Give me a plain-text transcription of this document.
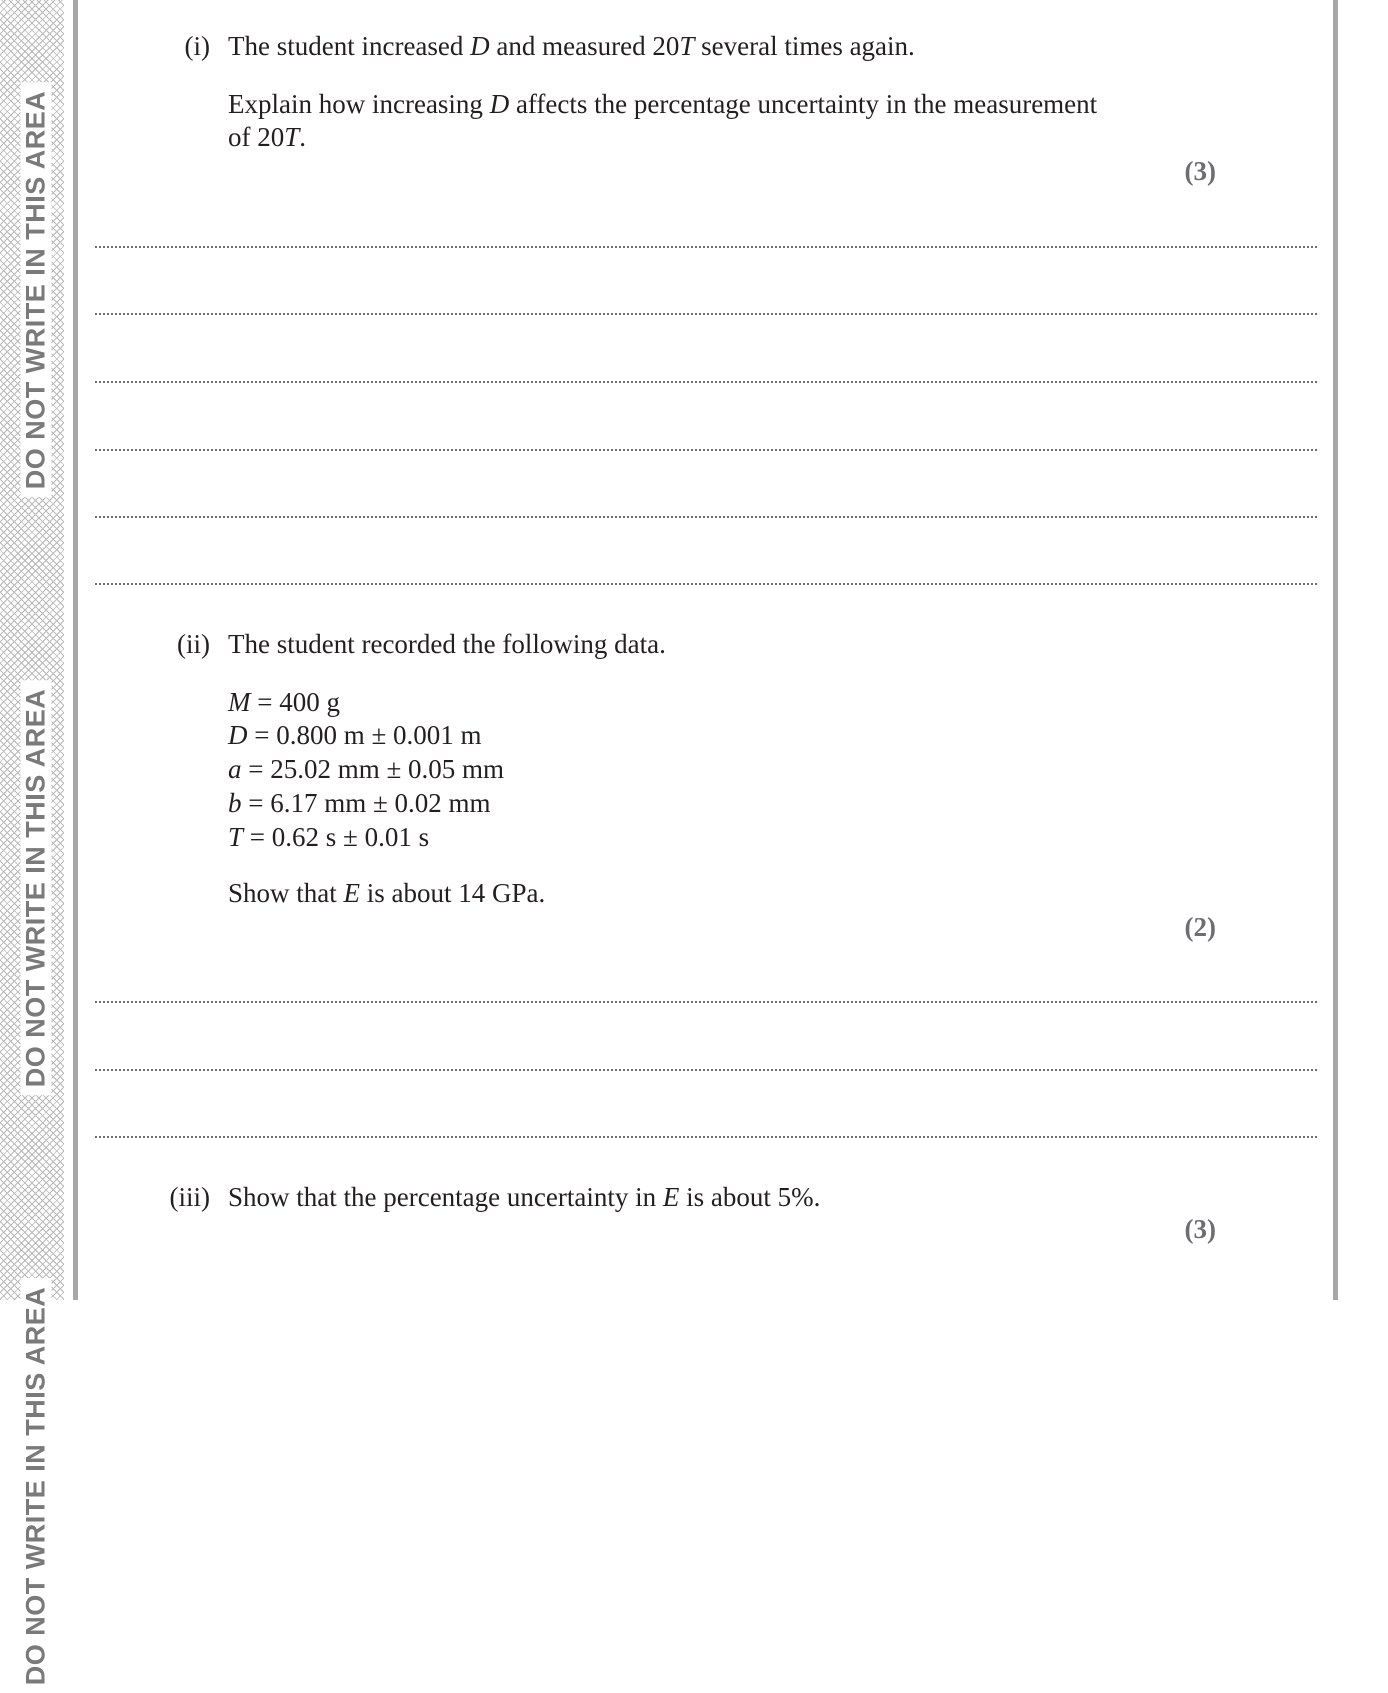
DO NOT WRITE IN THIS AREA
DO NOT WRITE IN THIS AREA
DO NOT WRITE IN THIS AREA
(i) The student increased D and measured 20T several times again.
Explain how increasing D affects the percentage uncertainty in the measurement
of 20T.
(3)
(ii) The student recorded the following data.
M = 400 g
D = 0.800 m ± 0.001 m
a = 25.02 mm ± 0.05 mm
b = 6.17 mm ± 0.02 mm
T = 0.62 s ± 0.01 s
Show that E is about 14 GPa.
(2)
(iii) Show that the percentage uncertainty in E is about 5%.
(3)
